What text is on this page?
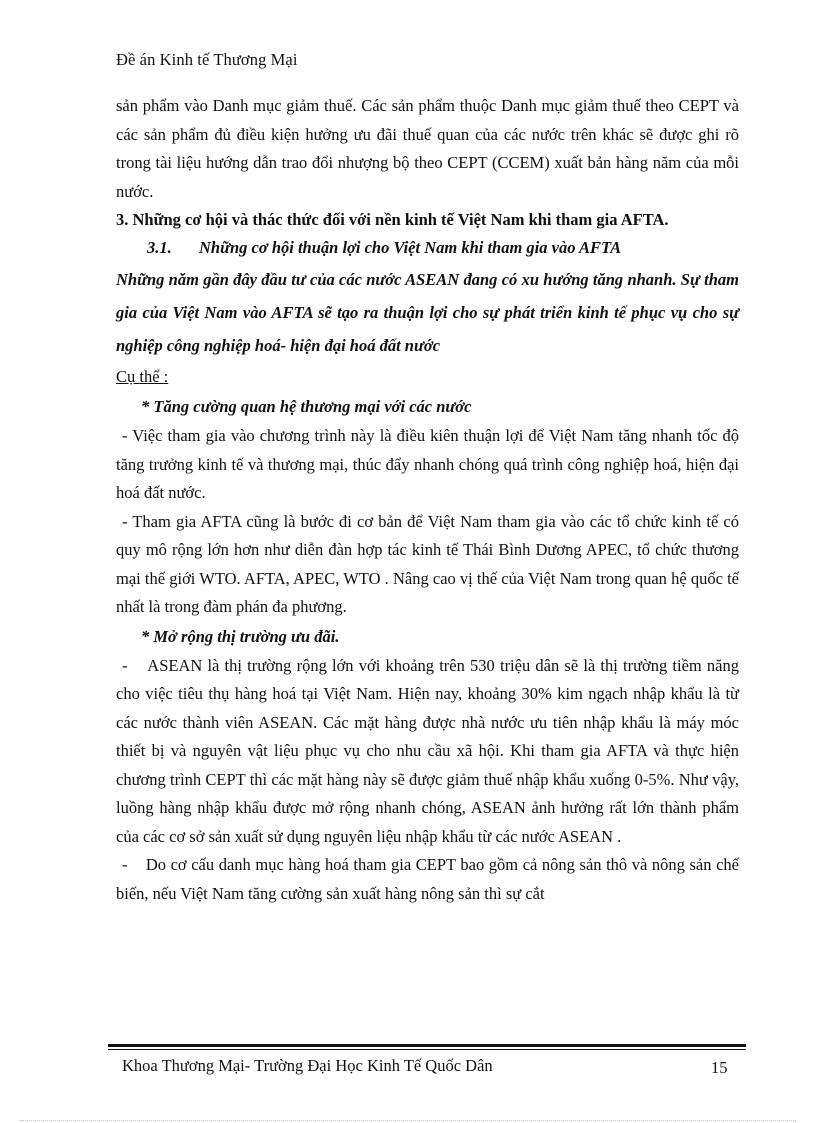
Đề án Kinh tế Thương Mại

sản phẩm vào Danh mục giảm thuế. Các sản phẩm thuộc Danh mục giảm thuế theo CEPT và các sản phẩm đủ điều kiện hưởng ưu đãi thuế quan của các nước trên khác sẽ được ghi rõ trong tài liệu hướng dẫn trao đổi nhượng bộ theo CEPT (CCEM) xuất bản hàng năm của mỗi nước.

3. Những cơ hội và thác thức đối với nền kinh tế Việt Nam khi tham gia AFTA.

3.1. Những cơ hội thuận lợi cho Việt Nam khi tham gia vào AFTA

Những năm gần đây đầu tư của các nước ASEAN đang có xu hướng tăng nhanh. Sự tham gia của Việt Nam vào AFTA sẽ tạo ra thuận lợi cho sự phát triển kinh tế phục vụ cho sự nghiệp công nghiệp hoá- hiện đại hoá đất nước

Cụ thể :

* Tăng cường quan hệ thương mại với các nước

- Việc tham gia vào chương trình này là điều kiên thuận lợi để Việt Nam tăng nhanh tốc độ tăng trưởng kinh tế và thương mại, thúc đẩy nhanh chóng quá trình công nghiệp hoá, hiện đại hoá đất nước.

- Tham gia AFTA cũng là bước đi cơ bản để Việt Nam tham gia vào các tổ chức kinh tế có quy mô rộng lớn hơn như diễn đàn hợp tác kinh tế Thái Bình Dương APEC, tổ chức thương mại thế giới WTO. AFTA, APEC, WTO . Nâng cao vị thế của Việt Nam trong quan hệ quốc tế nhất là trong đàm phán đa phương.

* Mở rộng thị trường ưu đãi.

-    ASEAN là thị trường rộng lớn với khoảng trên 530 triệu dân sẽ là thị trường tiềm năng cho việc tiêu thụ hàng hoá tại Việt Nam. Hiện nay, khoảng 30% kim ngạch nhập khẩu là từ các nước thành viên ASEAN. Các mặt hàng được nhà nước ưu tiên nhập khẩu là máy móc thiết bị và nguyên vật liệu phục vụ cho nhu cầu xã hội. Khi tham gia AFTA và thực hiện chương trình CEPT thì các mặt hàng này sẽ được giảm thuế nhập khẩu xuống 0-5%. Như vậy, luồng hàng nhập khẩu được mở rộng nhanh chóng, ASEAN ảnh hưởng rất lớn thành phẩm của các cơ sở sản xuất sử dụng nguyên liệu nhập khẩu từ các nước ASEAN .

-    Do cơ cấu danh mục hàng hoá tham gia CEPT bao gồm cả nông sản thô và nông sản chế biến, nếu Việt Nam tăng cường sản xuất hàng nông sản thì sự cắt

Khoa Thương Mại- Trường Đại Học Kinh Tế Quốc Dân	15
